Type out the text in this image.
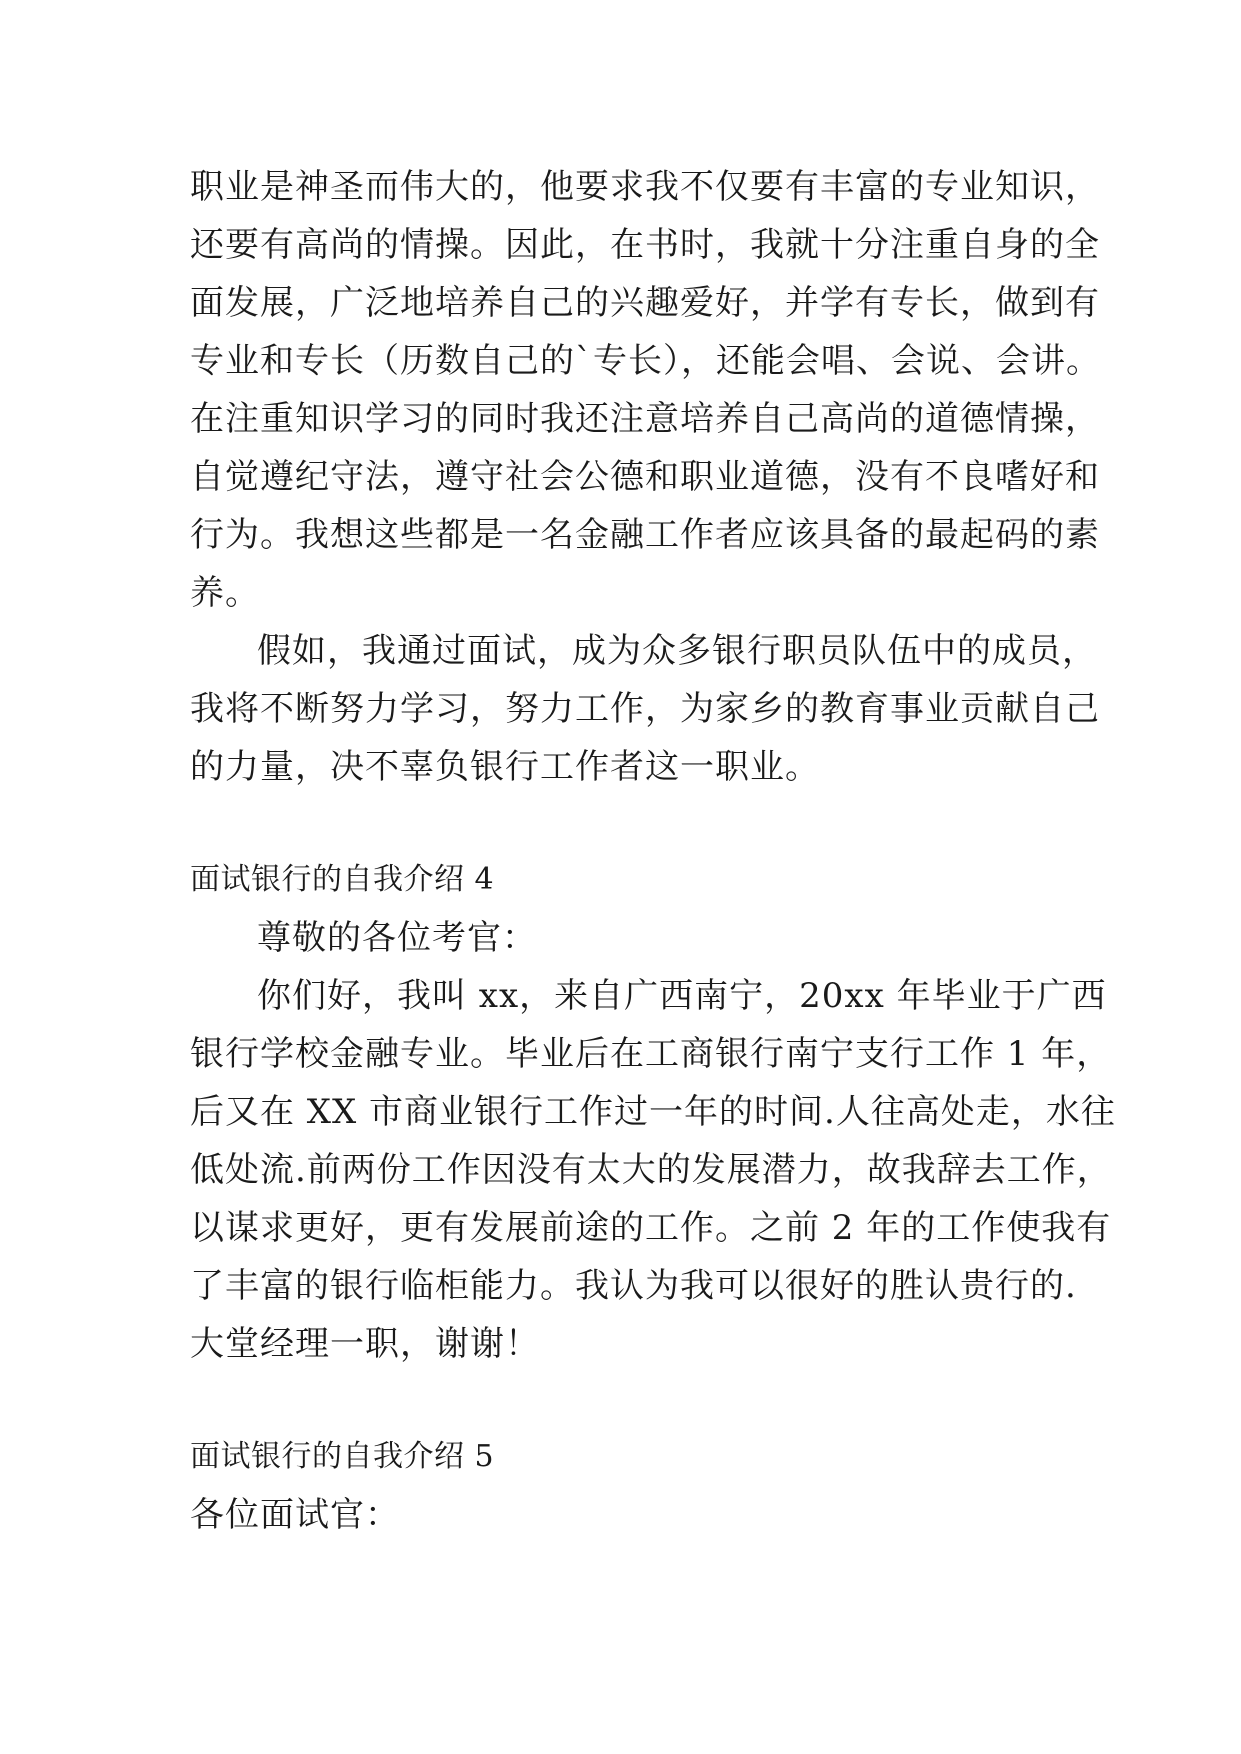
职业是神圣而伟大的，他要求我不仅要有丰富的专业知识，
还要有高尚的情操。因此，在书时，我就十分注重自身的全
面发展，广泛地培养自己的兴趣爱好，并学有专长，做到有
专业和专长（历数自己的`专长），还能会唱、会说、会讲。
在注重知识学习的同时我还注意培养自己高尚的道德情操，
自觉遵纪守法，遵守社会公德和职业道德，没有不良嗜好和
行为。我想这些都是一名金融工作者应该具备的最起码的素
养。
假如，我通过面试，成为众多银行职员队伍中的成员，
我将不断努力学习，努力工作，为家乡的教育事业贡献自己
的力量，决不辜负银行工作者这一职业。
面试银行的自我介绍 4
尊敬的各位考官：
你们好，我叫 xx，来自广西南宁，20xx 年毕业于广西
银行学校金融专业。毕业后在工商银行南宁支行工作 1 年，
后又在 XX 市商业银行工作过一年的时间.人往高处走，水往
低处流.前两份工作因没有太大的发展潜力，故我辞去工作，
以谋求更好，更有发展前途的工作。之前 2 年的工作使我有
了丰富的银行临柜能力。我认为我可以很好的胜认贵行的.
大堂经理一职，谢谢！
面试银行的自我介绍 5
各位面试官：
